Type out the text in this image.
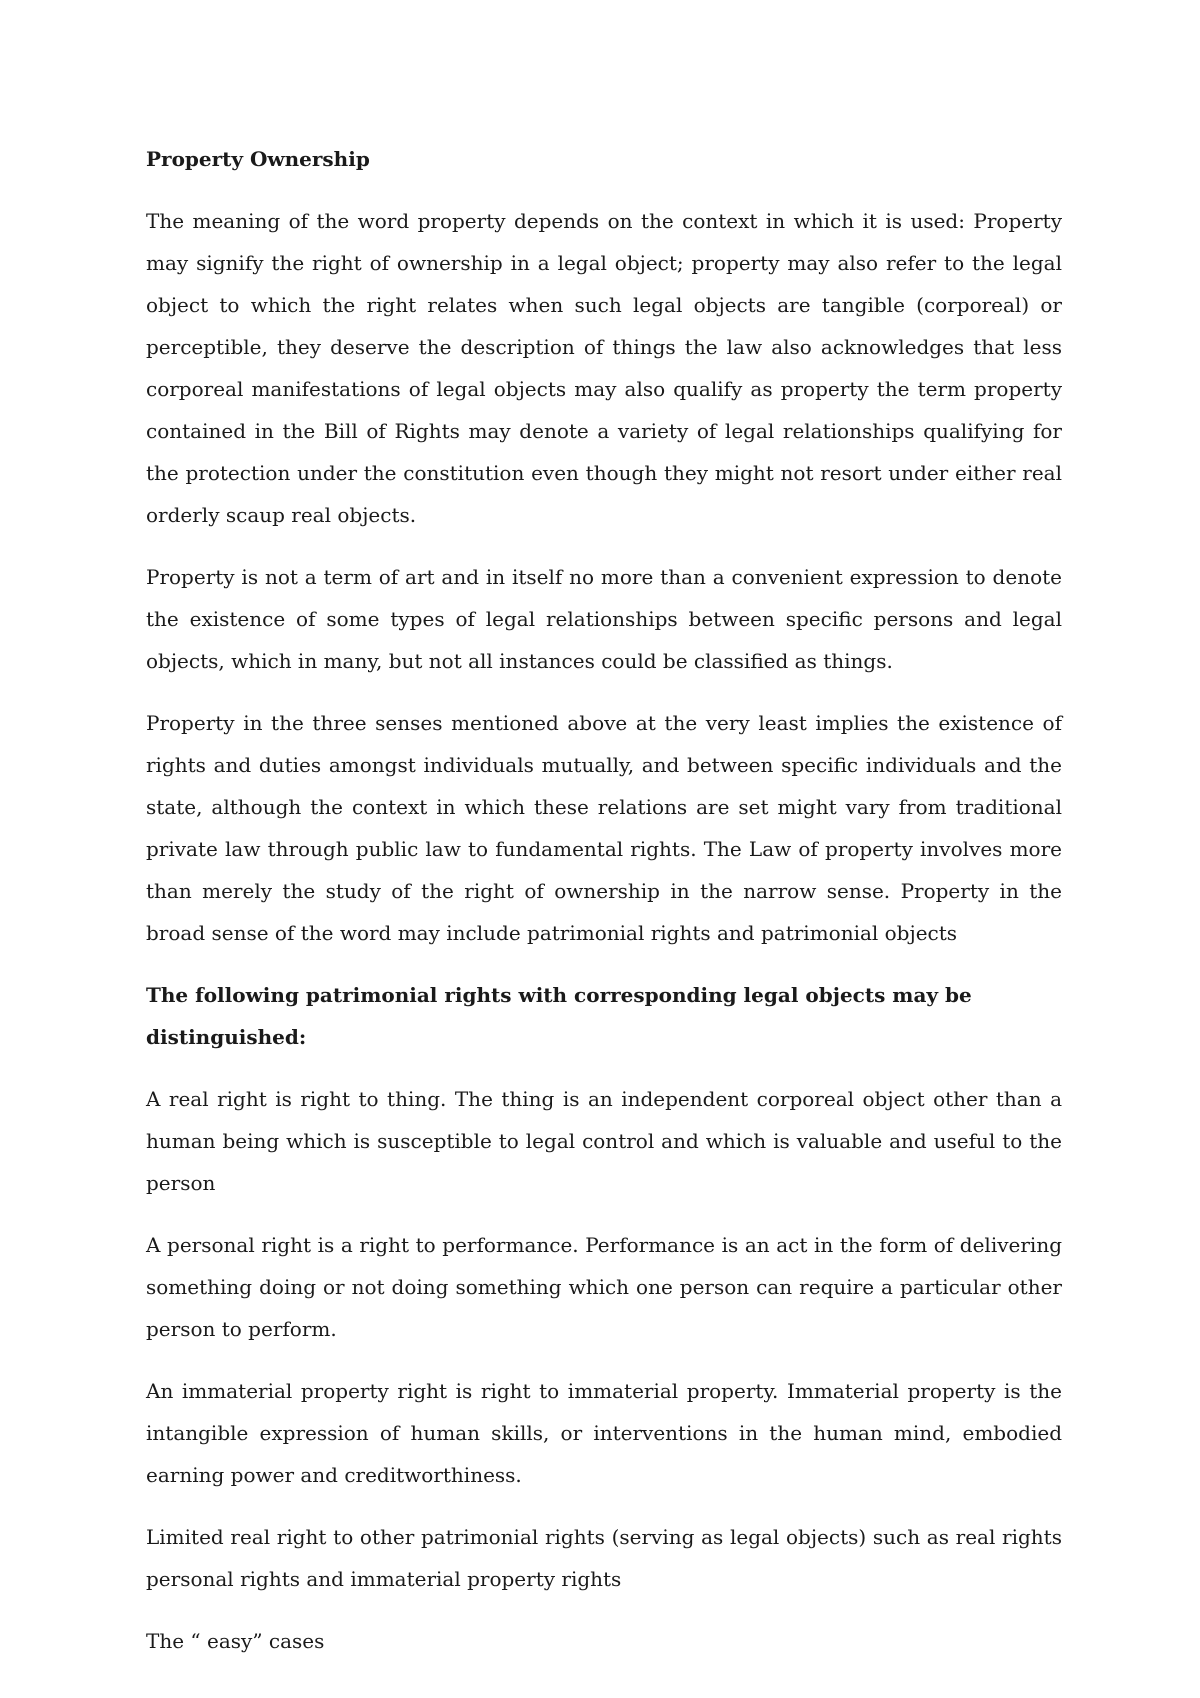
Property Ownership

The meaning of the word property depends on the context in which it is used: Property may signify the right of ownership in a legal object; property may also refer to the legal object to which the right relates when such legal objects are tangible (corporeal) or perceptible, they deserve the description of things the law also acknowledges that less corporeal manifestations of legal objects may also qualify as property the term property contained in the Bill of Rights may denote a variety of legal relationships qualifying for the protection under the constitution even though they might not resort under either real orderly scaup real objects.

Property is not a term of art and in itself no more than a convenient expression to denote the existence of some types of legal relationships between specific persons and legal objects, which in many, but not all instances could be classified as things.

Property in the three senses mentioned above at the very least implies the existence of rights and duties amongst individuals mutually, and between specific individuals and the state, although the context in which these relations are set might vary from traditional private law through public law to fundamental rights. The Law of property involves more than merely the study of the right of ownership in the narrow sense. Property in the broad sense of the word may include patrimonial rights and patrimonial objects

The following patrimonial rights with corresponding legal objects may be distinguished:

A real right is right to thing. The thing is an independent corporeal object other than a human being which is susceptible to legal control and which is valuable and useful to the person

A personal right is a right to performance. Performance is an act in the form of delivering something doing or not doing something which one person can require a particular other person to perform.

An immaterial property right is right to immaterial property. Immaterial property is the intangible expression of human skills, or interventions in the human mind, embodied earning power and creditworthiness.

Limited real right to other patrimonial rights (serving as legal objects) such as real rights personal rights and immaterial property rights

The “ easy” cases
